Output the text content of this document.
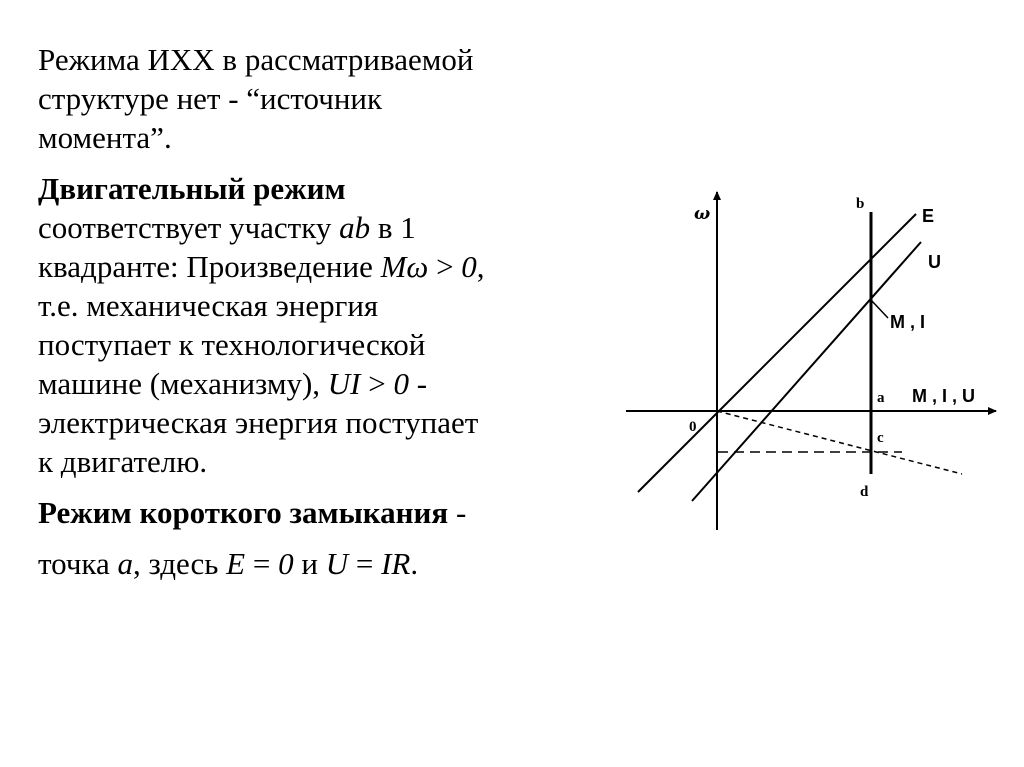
Режима ИХХ в рассматриваемой
структуре нет - “источник
момента”.
Двигательный режим
соответствует участку ab в 1
квадранте: Произведение Mω > 0,
т.е. механическая энергия
поступает к технологической
машине (механизму), UI > 0 -
электрическая энергия поступает
к двигателю.
Режим короткого замыкания -
точка a, здесь E = 0 и U = IR.
ω
0
b
a
c
d
E
U
M , I
M , I , U
